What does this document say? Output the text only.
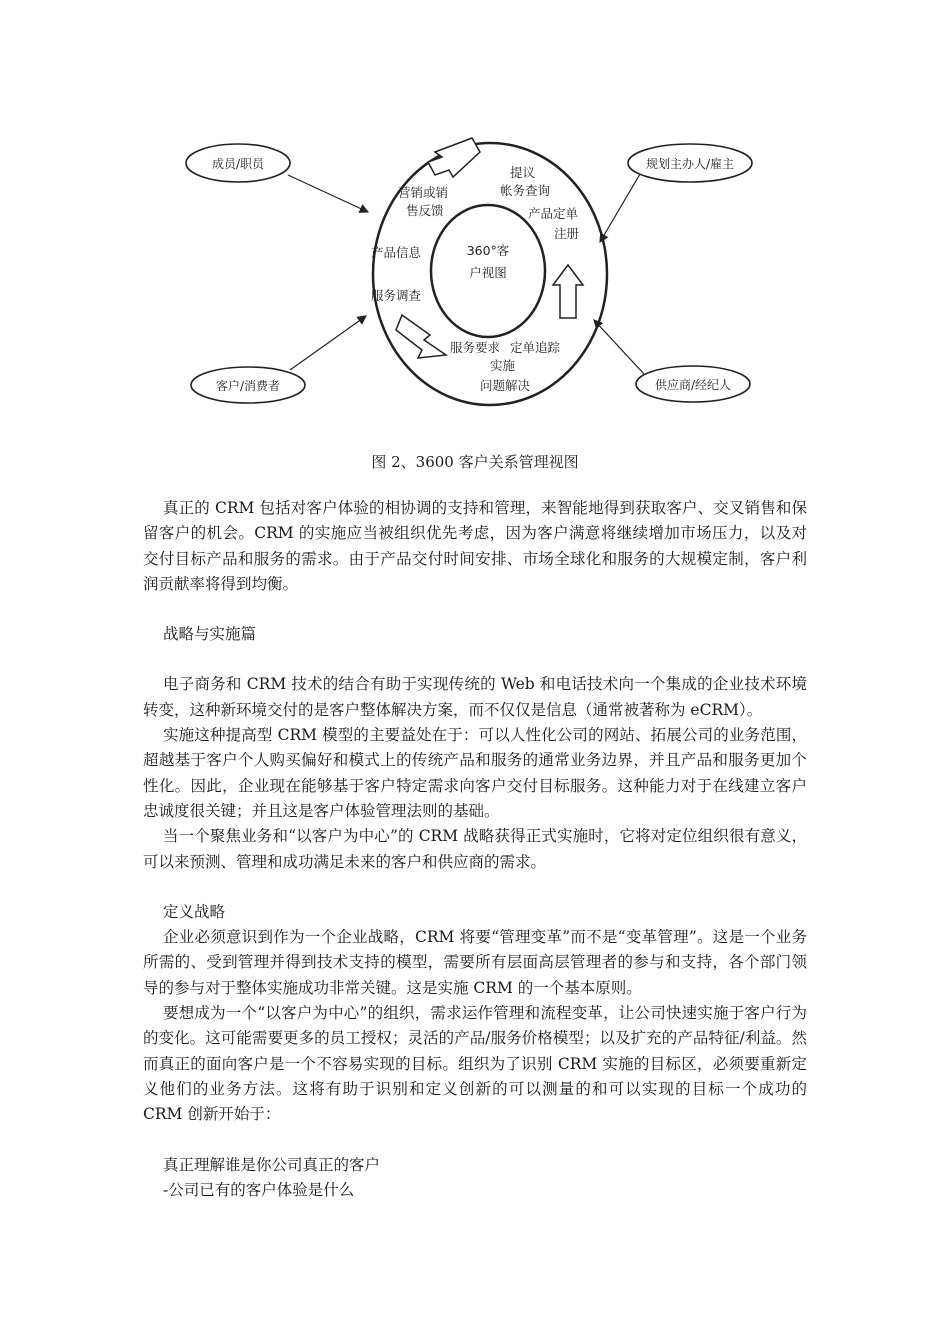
成员/职员	规划主办人/雇主
客户/消费者	供应商/经纪人
营销或销
售反馈
提议
帐务查询
产品定单
注册
产品信息
服务调查
服务要求 定单追踪
实施
问题解决
360°客
户视图
图 2、3600 客户关系管理视图

真正的 CRM 包括对客户体验的相协调的支持和管理，来智能地得到获取客户、交叉销售和保留客户的机会。CRM 的实施应当被组织优先考虑，因为客户满意将继续增加市场压力，以及对交付目标产品和服务的需求。由于产品交付时间安排、市场全球化和服务的大规模定制，客户利润贡献率将得到均衡。

战略与实施篇

电子商务和 CRM 技术的结合有助于实现传统的 Web 和电话技术向一个集成的企业技术环境转变，这种新环境交付的是客户整体解决方案，而不仅仅是信息（通常被著称为 eCRM）。

实施这种提高型 CRM 模型的主要益处在于：可以人性化公司的网站、拓展公司的业务范围，超越基于客户个人购买偏好和模式上的传统产品和服务的通常业务边界，并且产品和服务更加个性化。因此，企业现在能够基于客户特定需求向客户交付目标服务。这种能力对于在线建立客户忠诚度很关键；并且这是客户体验管理法则的基础。

当一个聚焦业务和“以客户为中心”的 CRM 战略获得正式实施时，它将对定位组织很有意义，可以来预测、管理和成功满足未来的客户和供应商的需求。

定义战略

企业必须意识到作为一个企业战略，CRM 将要“管理变革”而不是“变革管理”。这是一个业务所需的、受到管理并得到技术支持的模型，需要所有层面高层管理者的参与和支持，各个部门领导的参与对于整体实施成功非常关键。这是实施 CRM 的一个基本原则。

要想成为一个“以客户为中心”的组织，需求运作管理和流程变革，让公司快速实施于客户行为的变化。这可能需要更多的员工授权；灵活的产品/服务价格模型；以及扩充的产品特征/利益。然而真正的面向客户是一个不容易实现的目标。组织为了识别 CRM 实施的目标区，必须要重新定义他们的业务方法。这将有助于识别和定义创新的可以测量的和可以实现的目标一个成功的 CRM 创新开始于：

真正理解谁是你公司真正的客户

-公司已有的客户体验是什么
